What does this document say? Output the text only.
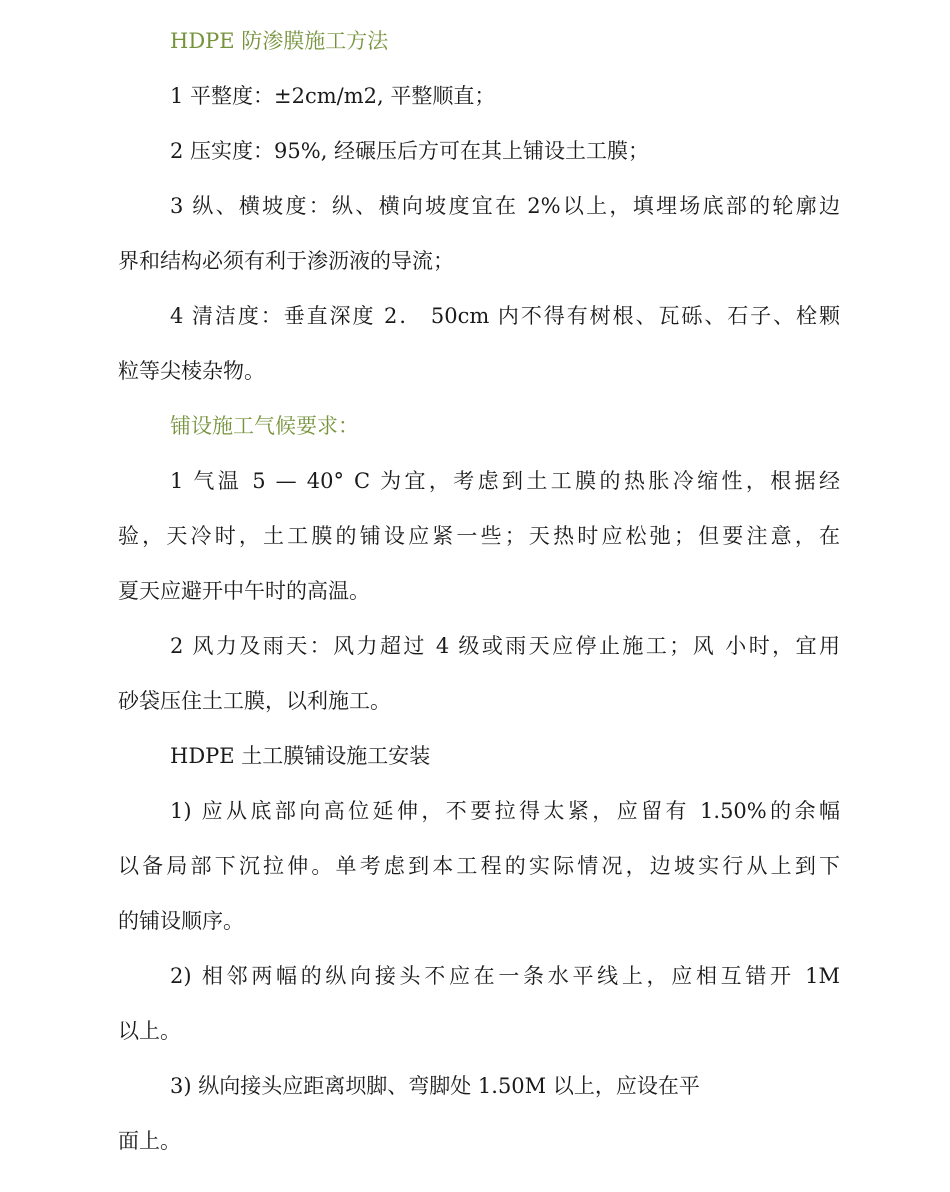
HDPE 防渗膜施工方法

1 平整度：±2cm/m2, 平整顺直；

2 压实度：95%, 经碾压后方可在其上铺设土工膜；

3 纵、横坡度：纵、横向坡度宜在 2%以上，填埋场底部的轮廓边

界和结构必须有利于渗沥液的导流；

4 清洁度：垂直深度 2． 50cm 内不得有树根、瓦砾、石子、栓颗

粒等尖棱杂物。

铺设施工气候要求：

1 气温 5 — 40° C 为宜，考虑到土工膜的热胀冷缩性，根据经

验，天冷时，土工膜的铺设应紧一些；天热时应松弛；但要注意，在

夏天应避开中午时的高温。

2 风力及雨天：风力超过 4 级或雨天应停止施工；风 小时，宜用

砂袋压住土工膜，以利施工。

HDPE 土工膜铺设施工安装

1) 应从底部向高位延伸，不要拉得太紧，应留有 1.50%的余幅

以备局部下沉拉伸。单考虑到本工程的实际情况，边坡实行从上到下

的铺设顺序。

2) 相邻两幅的纵向接头不应在一条水平线上，应相互错开 1M

以上。

3) 纵向接头应距离坝脚、弯脚处 1.50M 以上，应设在平

面上。
